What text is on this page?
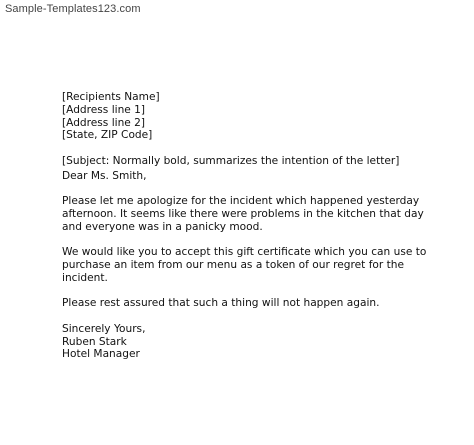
Sample-Templates123.com
[Recipients Name]
[Address line 1]
[Address line 2]
[State, ZIP Code]
[Subject: Normally bold, summarizes the intention of the letter]
Dear Ms. Smith,
Please let me apologize for the incident which happened yesterday
afternoon. It seems like there were problems in the kitchen that day
and everyone was in a panicky mood.
We would like you to accept this gift certificate which you can use to
purchase an item from our menu as a token of our regret for the
incident.
Please rest assured that such a thing will not happen again.
Sincerely Yours,
Ruben Stark
Hotel Manager
